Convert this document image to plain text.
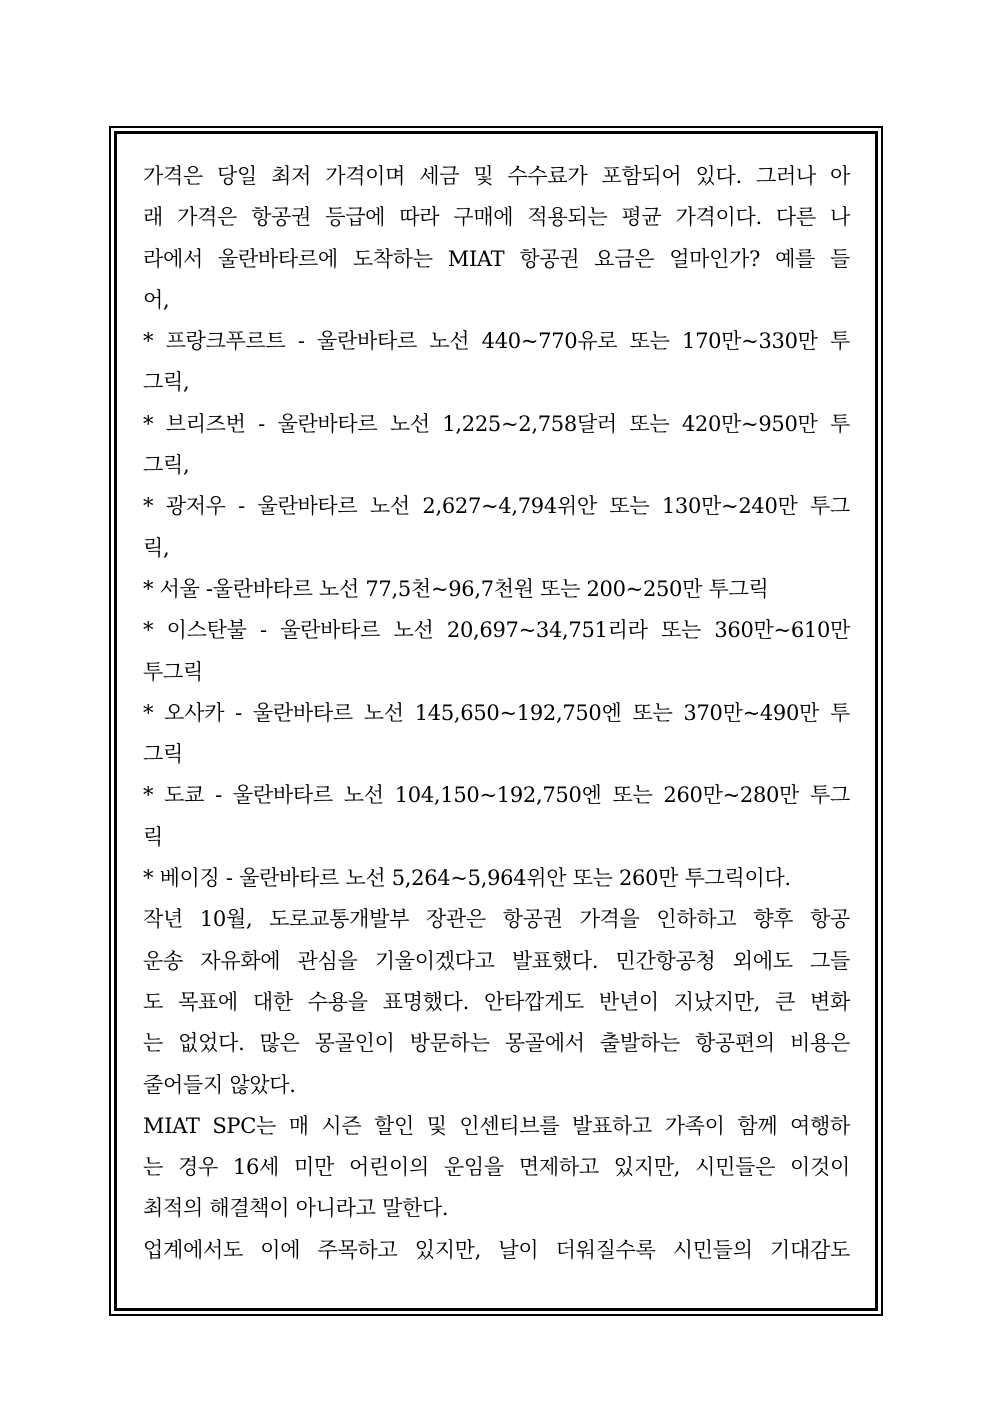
가격은 당일 최저 가격이며 세금 및 수수료가 포함되어 있다. 그러나 아
래 가격은 항공권 등급에 따라 구매에 적용되는 평균 가격이다. 다른 나
라에서 울란바타르에 도착하는 MIAT 항공권 요금은 얼마인가? 예를 들
어,
* 프랑크푸르트 - 울란바타르 노선 440~770유로 또는 170만~330만 투
그릭,
* 브리즈번 - 울란바타르 노선 1,225~2,758달러 또는 420만~950만 투
그릭,
* 광저우 - 울란바타르 노선 2,627~4,794위안 또는 130만~240만 투그
릭,
* 서울 -울란바타르 노선 77,5천~96,7천원 또는 200~250만 투그릭
* 이스탄불 - 울란바타르 노선 20,697~34,751리라 또는 360만~610만
투그릭
* 오사카 - 울란바타르 노선 145,650~192,750엔 또는 370만~490만 투
그릭
* 도쿄 - 울란바타르 노선 104,150~192,750엔 또는 260만~280만 투그
릭
* 베이징 - 울란바타르 노선 5,264~5,964위안 또는 260만 투그릭이다.
작년 10월, 도로교통개발부 장관은 항공권 가격을 인하하고 향후 항공
운송 자유화에 관심을 기울이겠다고 발표했다. 민간항공청 외에도 그들
도 목표에 대한 수용을 표명했다. 안타깝게도 반년이 지났지만, 큰 변화
는 없었다. 많은 몽골인이 방문하는 몽골에서 출발하는 항공편의 비용은
줄어들지 않았다.
MIAT SPC는 매 시즌 할인 및 인센티브를 발표하고 가족이 함께 여행하
는 경우 16세 미만 어린이의 운임을 면제하고 있지만, 시민들은 이것이
최적의 해결책이 아니라고 말한다.
업계에서도 이에 주목하고 있지만, 날이 더워질수록 시민들의 기대감도
